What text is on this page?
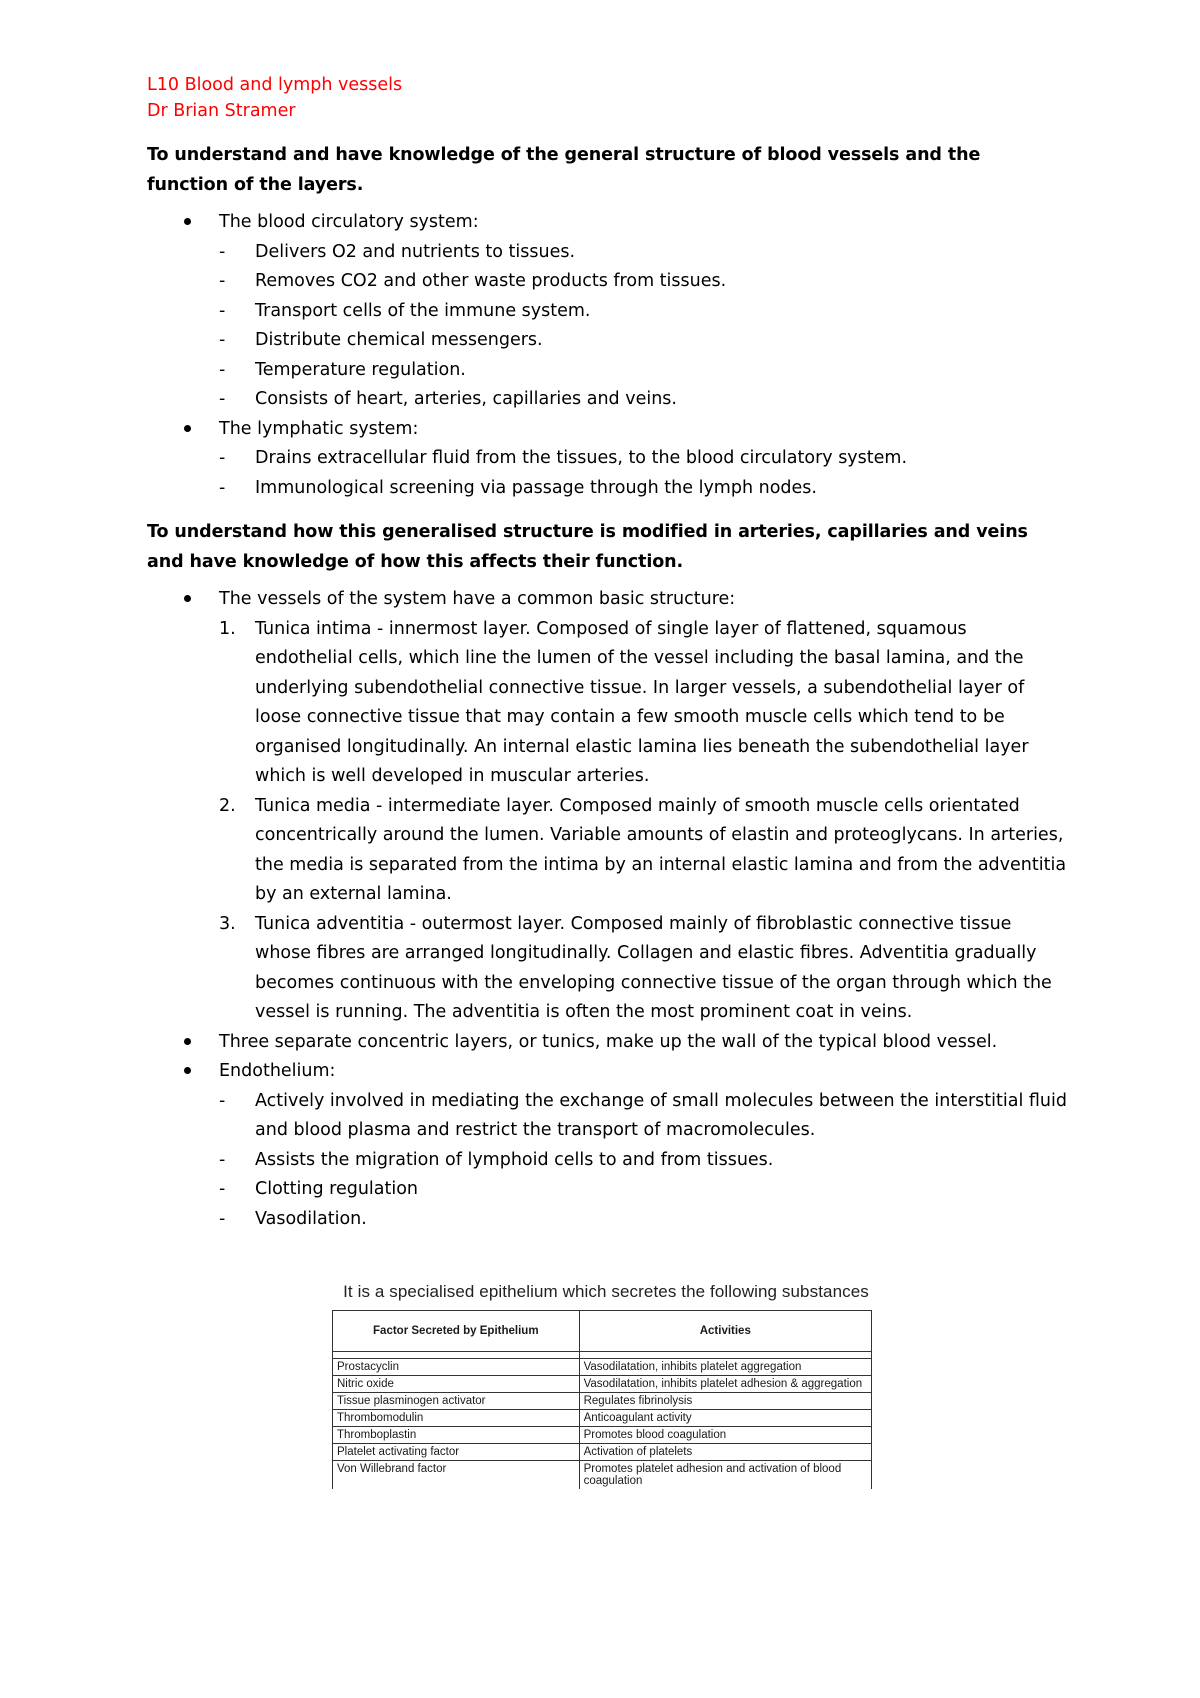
L10 Blood and lymph vessels
Dr Brian Stramer
To understand and have knowledge of the general structure of blood vessels and the function of the layers.
The blood circulatory system:
-	Delivers O2 and nutrients to tissues.
-	Removes CO2 and other waste products from tissues.
-	Transport cells of the immune system.
-	Distribute chemical messengers.
-	Temperature regulation.
-	Consists of heart, arteries, capillaries and veins.
The lymphatic system:
-	Drains extracellular fluid from the tissues, to the blood circulatory system.
-	Immunological screening via passage through the lymph nodes.
To understand how this generalised structure is modified in arteries, capillaries and veins and have knowledge of how this affects their function.
The vessels of the system have a common basic structure:
1.	Tunica intima - innermost layer. Composed of single layer of flattened, squamous endothelial cells, which line the lumen of the vessel including the basal lamina, and the underlying subendothelial connective tissue. In larger vessels, a subendothelial layer of loose connective tissue that may contain a few smooth muscle cells which tend to be organised longitudinally. An internal elastic lamina lies beneath the subendothelial layer which is well developed in muscular arteries.
2.	Tunica media - intermediate layer. Composed mainly of smooth muscle cells orientated concentrically around the lumen. Variable amounts of elastin and proteoglycans. In arteries, the media is separated from the intima by an internal elastic lamina and from the adventitia by an external lamina.
3.	Tunica adventitia - outermost layer. Composed mainly of fibroblastic connective tissue whose fibres are arranged longitudinally. Collagen and elastic fibres. Adventitia gradually becomes continuous with the enveloping connective tissue of the organ through which the vessel is running. The adventitia is often the most prominent coat in veins.
Three separate concentric layers, or tunics, make up the wall of the typical blood vessel.
Endothelium:
-	Actively involved in mediating the exchange of small molecules between the interstitial fluid and blood plasma and restrict the transport of macromolecules.
-	Assists the migration of lymphoid cells to and from tissues.
-	Clotting regulation
-	Vasodilation.
It is a specialised epithelium which secretes the following substances
Factor Secreted by Epithelium	Activities

Prostacyclin	Vasodilatation, inhibits platelet aggregation
Nitric oxide	Vasodilatation, inhibits platelet adhesion & aggregation
Tissue plasminogen activator	Regulates fibrinolysis
Thrombomodulin	Anticoagulant activity
Thromboplastin	Promotes blood coagulation
Platelet activating factor	Activation of platelets
Von Willebrand factor	Promotes platelet adhesion and activation of blood coagulation
